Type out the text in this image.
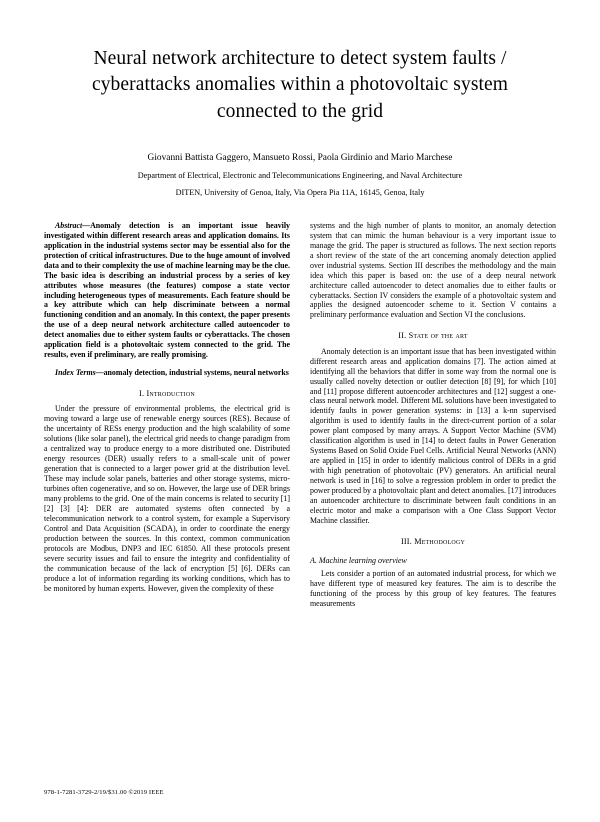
Neural network architecture to detect system faults / cyberattacks anomalies within a photovoltaic system connected to the grid
Giovanni Battista Gaggero, Mansueto Rossi, Paola Girdinio and Mario Marchese
Department of Electrical, Electronic and Telecommunications Engineering, and Naval Architecture
DITEN, University of Genoa, Italy, Via Opera Pia 11A, 16145, Genoa, Italy
Abstract—Anomaly detection is an important issue heavily investigated within different research areas and application domains. Its application in the industrial systems sector may be essential also for the protection of critical infrastructures. Due to the huge amount of involved data and to their complexity the use of machine learning may be the clue. The basic idea is describing an industrial process by a series of key attributes whose measures (the features) compose a state vector including heterogeneous types of measurements. Each feature should be a key attribute which can help discriminate between a normal functioning condition and an anomaly. In this context, the paper presents the use of a deep neural network architecture called autoencoder to detect anomalies due to either system faults or cyberattacks. The chosen application field is a photovoltaic system connected to the grid. The results, even if preliminary, are really promising.
Index Terms—anomaly detection, industrial systems, neural networks
I. Introduction

Under the pressure of environmental problems, the electrical grid is moving toward a large use of renewable energy sources (RES). Because of the uncertainty of RESs energy production and the high scalability of some solutions (like solar panel), the electrical grid needs to change paradigm from a centralized way to produce energy to a more distributed one. Distributed energy resources (DER) usually refers to a small-scale unit of power generation that is connected to a larger power grid at the distribution level. These may include solar panels, batteries and other storage systems, micro-turbines often cogenerative, and so on. However, the large use of DER brings many problems to the grid. One of the main concerns is related to security [1] [2] [3] [4]: DER are automated systems often connected by a telecommunication network to a control system, for example a Supervisory Control and Data Acquisition (SCADA), in order to coordinate the energy production between the sources. In this context, common communication protocols are Modbus, DNP3 and IEC 61850. All these protocols present severe security issues and fail to ensure the integrity and confidentiality of the communication because of the lack of encryption [5] [6]. DERs can produce a lot of information regarding its working conditions, which has to be monitored by human experts. However, given the complexity of these

systems and the high number of plants to monitor, an anomaly detection system that can mimic the human behaviour is a very important issue to manage the grid. The paper is structured as follows. The next section reports a short review of the state of the art concerning anomaly detection applied over industrial systems. Section III describes the methodology and the main idea which this paper is based on: the use of a deep neural network architecture called autoencoder to detect anomalies due to either faults or cyberattacks. Section IV considers the example of a photovoltaic system and applies the designed autoencoder scheme to it. Section V contains a preliminary performance evaluation and Section VI the conclusions.

II. State of the art

Anomaly detection is an important issue that has been investigated within different research areas and application domains [7]. The action aimed at identifying all the behaviors that differ in some way from the normal one is usually called novelty detection or outlier detection [8] [9], for which [10] and [11] propose different autoencoder architectures and [12] suggest a one-class neural network model. Different ML solutions have been investigated to identify faults in power generation systems: in [13] a k-nn supervised algorithm is used to identify faults in the direct-current portion of a solar power plant composed by many arrays. A Support Vector Machine (SVM) classification algorithm is used in [14] to detect faults in Power Generation Systems Based on Solid Oxide Fuel Cells. Artificial Neural Networks (ANN) are applied in [15] in order to identify malicious control of DERs in a grid with high penetration of photovoltaic (PV) generators. An artificial neural network is used in [16] to solve a regression problem in order to predict the power produced by a photovoltaic plant and detect anomalies. [17] introduces an autoencoder architecture to discriminate between fault conditions in an electric motor and make a comparison with a One Class Support Vector Machine classifier.

III. Methodology
A. Machine learning overview

Lets consider a portion of an automated industrial process, for which we have different type of measured key features. The aim is to describe the functioning of the process by this group of key features. The features measurements

978-1-7281-3729-2/19/$31.00 ©2019 IEEE
